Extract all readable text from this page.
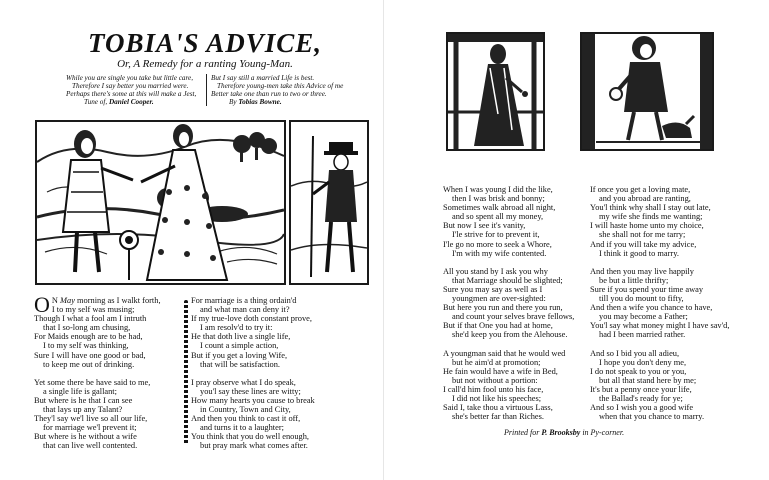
TOBIA'S ADVICE,

Or, A Remedy for a ranting Young-Man.

While you are single you take but little care,
Therefore I say better you married were.
Perhaps there's some at this will make a Jest,
Tune of, Daniel Cooper.
But I say still a married Life is best.
Therefore young-men take this Advice of me
Better take one than run to two or three.
By Tobias Bowne.
O N May morning as I walkt forth,
I to my self was musing;
Though I what a fool am I intruth
that I so-long am chusing,
For Maids enough are to be had,
I to my self was thinking,
Sure I will have one good or bad,
to keep me out of drinking.
Yet some there be have said to me,
a single life is gallant;
But where is he that I can see
that lays up any Talant?
They'l say we'l live so all our life,
for marriage we'l prevent it;
But where is he without a wife
that can live well contented.
For marriage is a thing ordain'd
and what man can deny it?
If my true-love doth constant prove,
I am resolv'd to try it:
He that doth live a single life,
I count a simple action,
But if you get a loving Wife,
that will be satisfaction.
I pray observe what I do speak,
you'l say these lines are witty;
How many hearts you cause to break
in Country, Town and City,
And then you think to cast it off,
and turns it to a laughter;
You think that you do well enough,
but pray mark what comes after.
When I was young I did the like,
then I was brisk and bonny;
Sometimes walk abroad all night,
and so spent all my money,
But now I see it's vanity,
I'le strive for to prevent it,
I'le go no more to seek a Whore,
I'm with my wife contented.
All you stand by I ask you why
that Marriage should be slighted;
Sure you may say as well as I
youngmen are over-sighted:
But here you run and there you run,
and count your selves brave fellows,
But if that One you had at home,
she'd keep you from the Alehouse.
A youngman said that he would wed
but he aim'd at promotion;
He fain would have a wife in Bed,
but not without a portion:
I call'd him fool unto his face,
I did not like his speeches;
Said I, take thou a virtuous Lass,
she's better far than Riches.
If once you get a loving mate,
and you abroad are ranting,
You'l think why shall I stay out late,
my wife she finds me wanting;
I will haste home unto my choice,
she shall not for me tarry;
And if you will take my advice,
I think it good to marry.
And then you may live happily
be but a little thrifty;
Sure if you spend your time away
till you do mount to fifty,
And then a wife you chance to have,
you may become a Father;
You'l say what money might I have sav'd,
had I been married rather.
And so I bid you all adieu,
I hope you don't deny me,
I do not speak to you or you,
but all that stand here by me;
It's but a penny once your life,
the Ballad's ready for ye;
And so I wish you a good wife
when that you chance to marry.
Printed for P. Brooksby in Py-corner.
